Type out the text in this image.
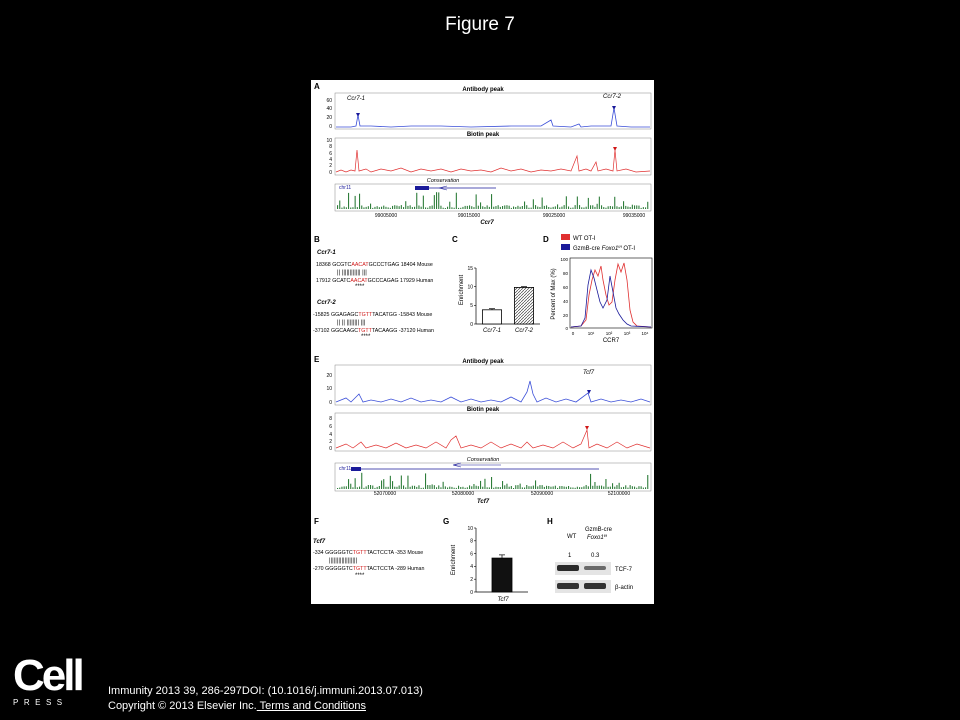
Figure 7
A	Antibody peak
60
40
20
0
Ccr7-1	Ccr7-2
Biotin peak
10
8
6
4
2
0
Conservation
chr11
99005000	99015000	99025000	99035000
Ccr7
B
Ccr7-1
18368 GCGTCAACATGCCCTGAG 18404 Mouse
|| |||||||||||| |||
17912 GCATCAACATGCCCAGAG 17929 Human
****
Ccr7-2
-15825 GGAGAGCTGTTTACATGG -15843 Mouse
|| || |||||||| |||
-37102 GGCAAGCTGTTTACAAGG -37120 Human
****
C
Enrichment
15
10
5
0
Ccr7-1 Ccr7-2
D	WT OT-I
GzmB-cre $Foxo1^{f/f}$ OT-I
Percent of Max (%)
100
80
60
40
20
0
0	10¹	10²	10³	10⁴
CCR7
E	Antibody peak
20
10
0
Tcf7
Biotin peak
8
6
4
2
0
Conservation
chr11
52070000	52080000	52090000	52100000
Tcf7
F
Tcf7
-334 GGGGGTCTGTTTACTCCTA -353 Mouse
||||||||||||||||||
-270 GGGGGTCTGTTTACTCCTA -289 Human
****
G
Enrichment
10
8
6
4
2
0
Tcf7
H
WT
GzmB-cre
$Foxo1^{f/f}$
1	0.3
TCF-7
β-actin
Cell
PRESS
Immunity 2013 39, 286-297DOI: (10.1016/j.immuni.2013.07.013)
Copyright © 2013 Elsevier Inc. Terms and Conditions
